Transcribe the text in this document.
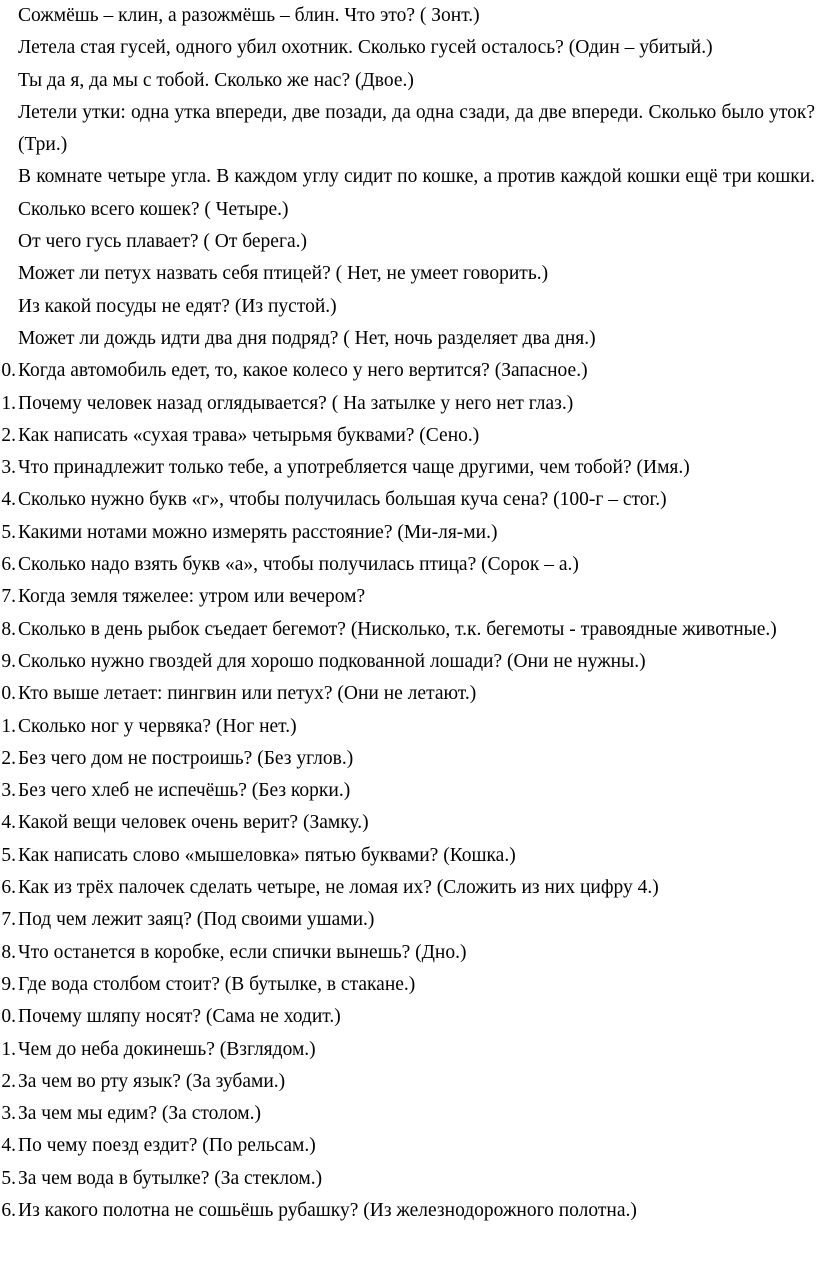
Сожмёшь – клин, а разожмёшь – блин. Что это? ( Зонт.)
Летела стая гусей, одного убил охотник. Сколько гусей осталось? (Один – убитый.)
Ты да я, да мы с тобой. Сколько же нас? (Двое.)
Летели утки: одна утка впереди, две позади, да одна сзади, да две впереди. Сколько было уток? (Три.)
В комнате четыре угла. В каждом углу сидит по кошке, а против каждой кошки ещё три кошки. Сколько всего кошек? ( Четыре.)
От чего гусь плавает? ( От берега.)
Может ли петух назвать себя птицей? ( Нет, не умеет говорить.)
Из какой посуды не едят? (Из пустой.)
Может ли дождь идти два дня подряд? ( Нет, ночь разделяет два дня.)
0. Когда автомобиль едет, то, какое колесо у него вертится? (Запасное.)
1. Почему человек назад оглядывается? ( На затылке у него нет глаз.)
2. Как написать «сухая трава» четырьмя буквами? (Сено.)
3. Что принадлежит только тебе, а употребляется чаще другими, чем тобой? (Имя.)
4. Сколько нужно букв «г», чтобы получилась большая куча сена? (100-г – стог.)
5. Какими нотами можно измерять расстояние? (Ми-ля-ми.)
6. Сколько надо взять букв «а», чтобы получилась птица? (Сорок – а.)
7. Когда земля тяжелее: утром или вечером?
8. Сколько в день рыбок съедает бегемот? (Нисколько, т.к. бегемоты - травоядные животные.)
9. Сколько нужно гвоздей для хорошо подкованной лошади? (Они не нужны.)
0. Кто выше летает: пингвин или петух? (Они не летают.)
1. Сколько ног у червяка? (Ног нет.)
2. Без чего дом не построишь? (Без углов.)
3. Без чего хлеб не испечёшь? (Без корки.)
4. Какой вещи человек очень верит? (Замку.)
5. Как написать слово «мышеловка» пятью буквами? (Кошка.)
6. Как из трёх палочек сделать четыре, не ломая их? (Сложить из них цифру 4.)
7. Под чем лежит заяц? (Под своими ушами.)
8. Что останется в коробке, если спички вынешь? (Дно.)
9. Где вода столбом стоит? (В бутылке, в стакане.)
0. Почему шляпу носят? (Сама не ходит.)
1. Чем до неба докинешь? (Взглядом.)
2. За чем во рту язык? (За зубами.)
3. За чем мы едим? (За столом.)
4. По чему поезд ездит? (По рельсам.)
5. За чем вода в бутылке? (За стеклом.)
6. Из какого полотна не сошьёшь рубашку? (Из железнодорожного полотна.)
